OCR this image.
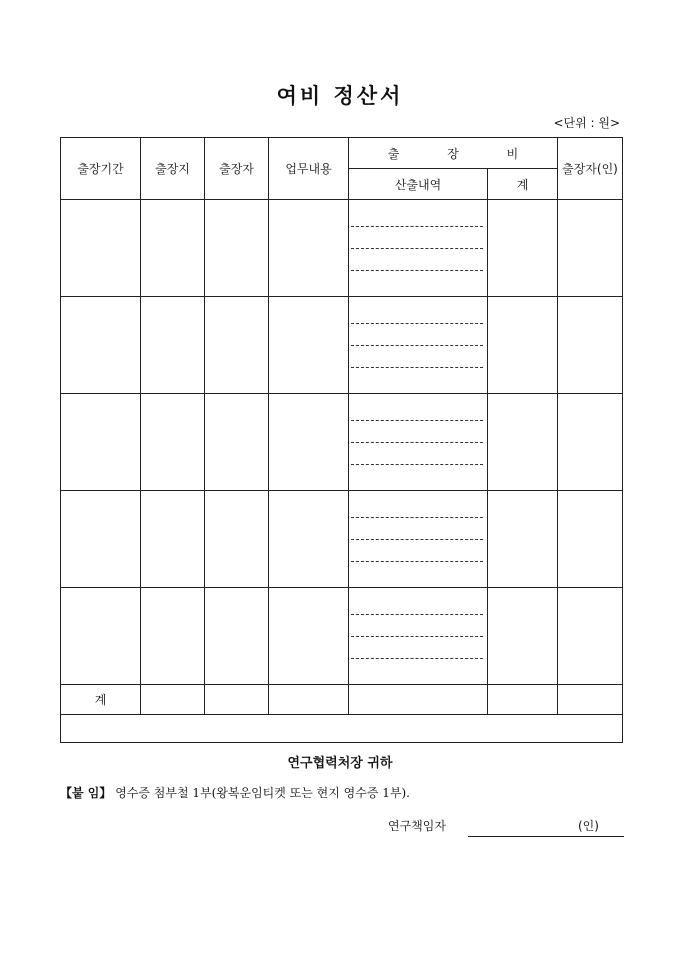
여비 정산서
<단위 : 원>
출장기간	출장지	출장자	업무내용	출 장 비		출장자(인)
				산출내역	계	

계						

연구협력처장 귀하
【붙 임】 영수증 첨부철 1부(왕복운임티켓 또는 현지 영수증 1부).
연구책임자	(인)
